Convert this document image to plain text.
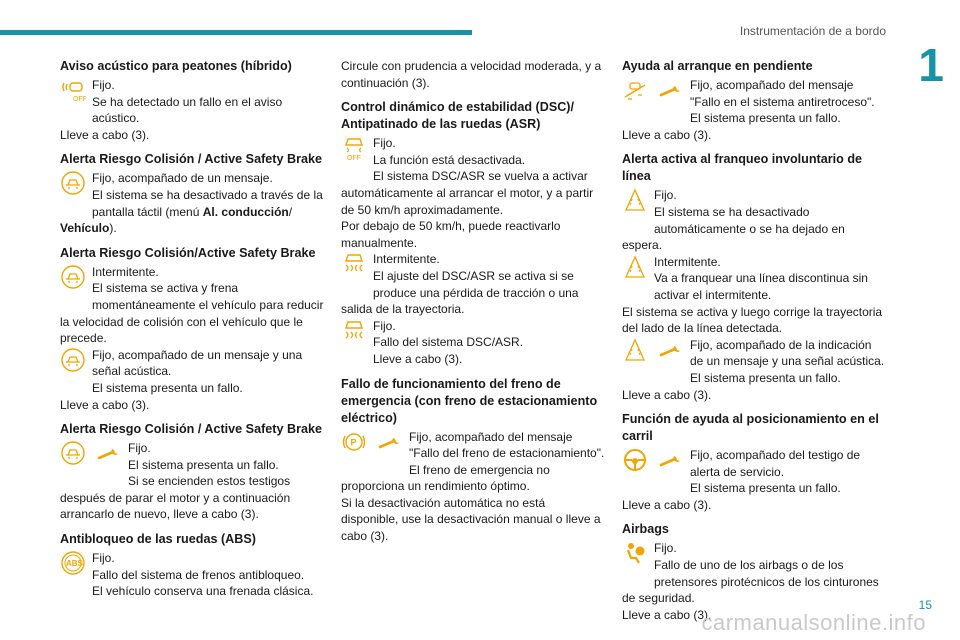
Instrumentación de a bordo
1
Aviso acústico para peatones (híbrido)
OFF
Fijo.
Se ha detectado un fallo en el aviso acústico.
Lleve a cabo (3).
Alerta Riesgo Colisión / Active Safety Brake
Fijo, acompañado de un mensaje.
El sistema se ha desactivado a través de la pantalla táctil (menú Al. conducción/ Vehículo).
Alerta Riesgo Colisión/Active Safety Brake
Intermitente.
El sistema se activa y frena momentáneamente el vehículo para reducir la velocidad de colisión con el vehículo que le precede.
Fijo, acompañado de un mensaje y una señal acústica.
El sistema presenta un fallo.
Lleve a cabo (3).
Alerta Riesgo Colisión / Active Safety Brake
Fijo.
El sistema presenta un fallo.
Si se encienden estos testigos después de parar el motor y a continuación arrancarlo de nuevo, lleve a cabo (3).
Antibloqueo de las ruedas (ABS)
ABS Fijo.
Fallo del sistema de frenos antibloqueo.
El vehículo conserva una frenada clásica.
Circule con prudencia a velocidad moderada, y a continuación (3).
Control dinámico de estabilidad (DSC)/ Antipatinado de las ruedas (ASR)
OFF
Fijo.
La función está desactivada.
El sistema DSC/ASR se vuelva a activar automáticamente al arrancar el motor, y a partir de 50 km/h aproximadamente.
Por debajo de 50 km/h, puede reactivarlo manualmente.
Intermitente.
El ajuste del DSC/ASR se activa si se produce una pérdida de tracción o una salida de la trayectoria.
Fijo.
Fallo del sistema DSC/ASR.
Lleve a cabo (3).
Fallo de funcionamiento del freno de emergencia (con freno de estacionamiento eléctrico)
P	Fijo, acompañado del mensaje "Fallo del freno de estacionamiento".
El freno de emergencia no proporciona un rendimiento óptimo.
Si la desactivación automática no está disponible, use la desactivación manual o lleve a cabo (3).
Ayuda al arranque en pendiente
Fijo, acompañado del mensaje "Fallo en el sistema antiretroceso".
El sistema presenta un fallo.
Lleve a cabo (3).
Alerta activa al franqueo involuntario de línea
Fijo.
El sistema se ha desactivado automáticamente o se ha dejado en espera.
Intermitente.
Va a franquear una línea discontinua sin activar el intermitente.
El sistema se activa y luego corrige la trayectoria del lado de la línea detectada.
Fijo, acompañado de la indicación de un mensaje y una señal acústica.
El sistema presenta un fallo.
Lleve a cabo (3).
Función de ayuda al posicionamiento en el carril
Fijo, acompañado del testigo de alerta de servicio.
El sistema presenta un fallo.
Lleve a cabo (3).
Airbags
Fijo.
Fallo de uno de los airbags o de los pretensores pirotécnicos de los cinturones de seguridad.
Lleve a cabo (3).
15
carmanualsonline.info
